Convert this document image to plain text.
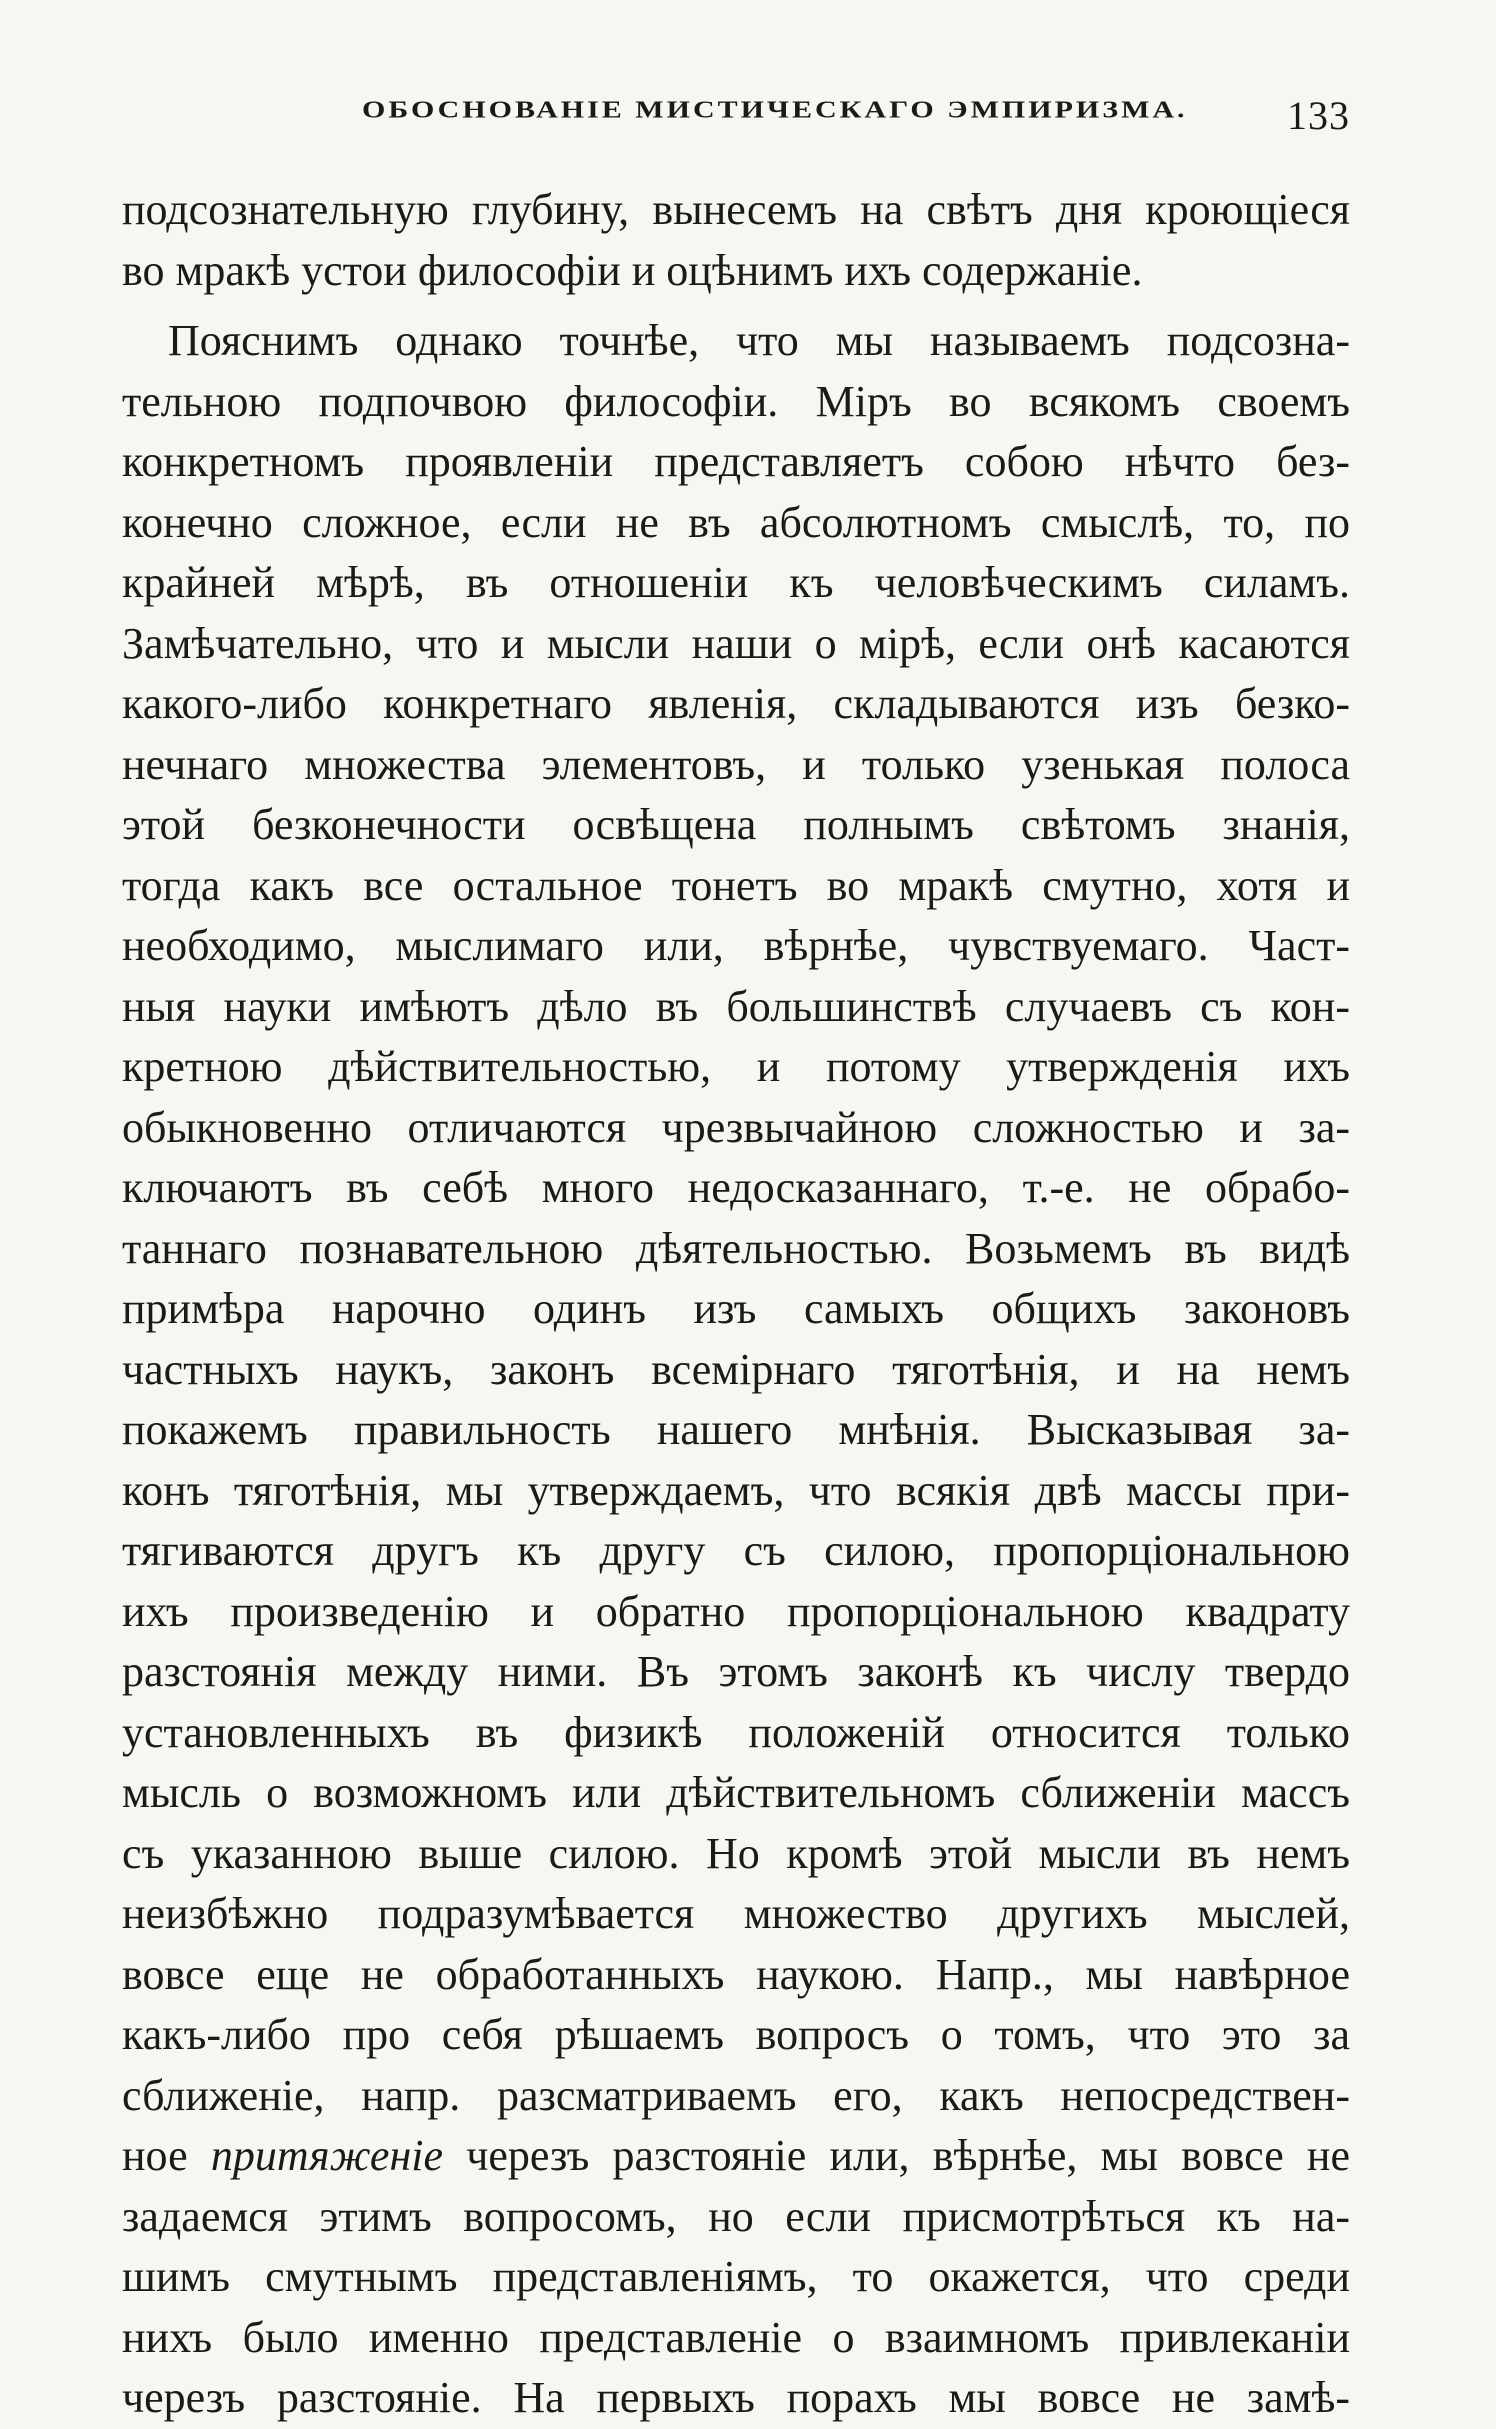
ОБОСНОВАНІЕ МИСТИЧЕСКАГО ЭМПИРИЗМА. 133
подсознательную глубину, вынесемъ на свѣтъ дня кроющіеся
во мракѣ устои философіи и оцѣнимъ ихъ содержаніе.
Пояснимъ однако точнѣе, что мы называемъ подсозна-
тельною подпочвою философіи. Міръ во всякомъ своемъ
конкретномъ проявленіи представляетъ собою нѣчто без-
конечно сложное, если не въ абсолютномъ смыслѣ, то, по
крайней мѣрѣ, въ отношеніи къ человѣческимъ силамъ.
Замѣчательно, что и мысли наши о мірѣ, если онѣ касаются
какого-либо конкретнаго явленія, складываются изъ безко-
нечнаго множества элементовъ, и только узенькая полоса
этой безконечности освѣщена полнымъ свѣтомъ знанія,
тогда какъ все остальное тонетъ во мракѣ смутно, хотя и
необходимо, мыслимаго или, вѣрнѣе, чувствуемаго. Част-
ныя науки имѣютъ дѣло въ большинствѣ случаевъ съ кон-
кретною дѣйствительностью, и потому утвержденія ихъ
обыкновенно отличаются чрезвычайною сложностью и за-
ключаютъ въ себѣ много недосказаннаго, т.-е. не обрабо-
таннаго познавательною дѣятельностью. Возьмемъ въ видѣ
примѣра нарочно одинъ изъ самыхъ общихъ законовъ
частныхъ наукъ, законъ всемірнаго тяготѣнія, и на немъ
покажемъ правильность нашего мнѣнія. Высказывая за-
конъ тяготѣнія, мы утверждаемъ, что всякія двѣ массы при-
тягиваются другъ къ другу съ силою, пропорціональною
ихъ произведенію и обратно пропорціональною квадрату
разстоянія между ними. Въ этомъ законѣ къ числу твердо
установленныхъ въ физикѣ положеній относится только
мысль о возможномъ или дѣйствительномъ сближеніи массъ
съ указанною выше силою. Но кромѣ этой мысли въ немъ
неизбѣжно подразумѣвается множество другихъ мыслей,
вовсе еще не обработанныхъ наукою. Напр., мы навѣрное
какъ-либо про себя рѣшаемъ вопросъ о томъ, что это за
сближеніе, напр. разсматриваемъ его, какъ непосредствен-
ное притяженіе черезъ разстояніе или, вѣрнѣе, мы вовсе не
задаемся этимъ вопросомъ, но если присмотрѣться къ на-
шимъ смутнымъ представленіямъ, то окажется, что среди
нихъ было именно представленіе о взаимномъ привлеканіи
черезъ разстояніе. На первыхъ порахъ мы вовсе не замѣ-
